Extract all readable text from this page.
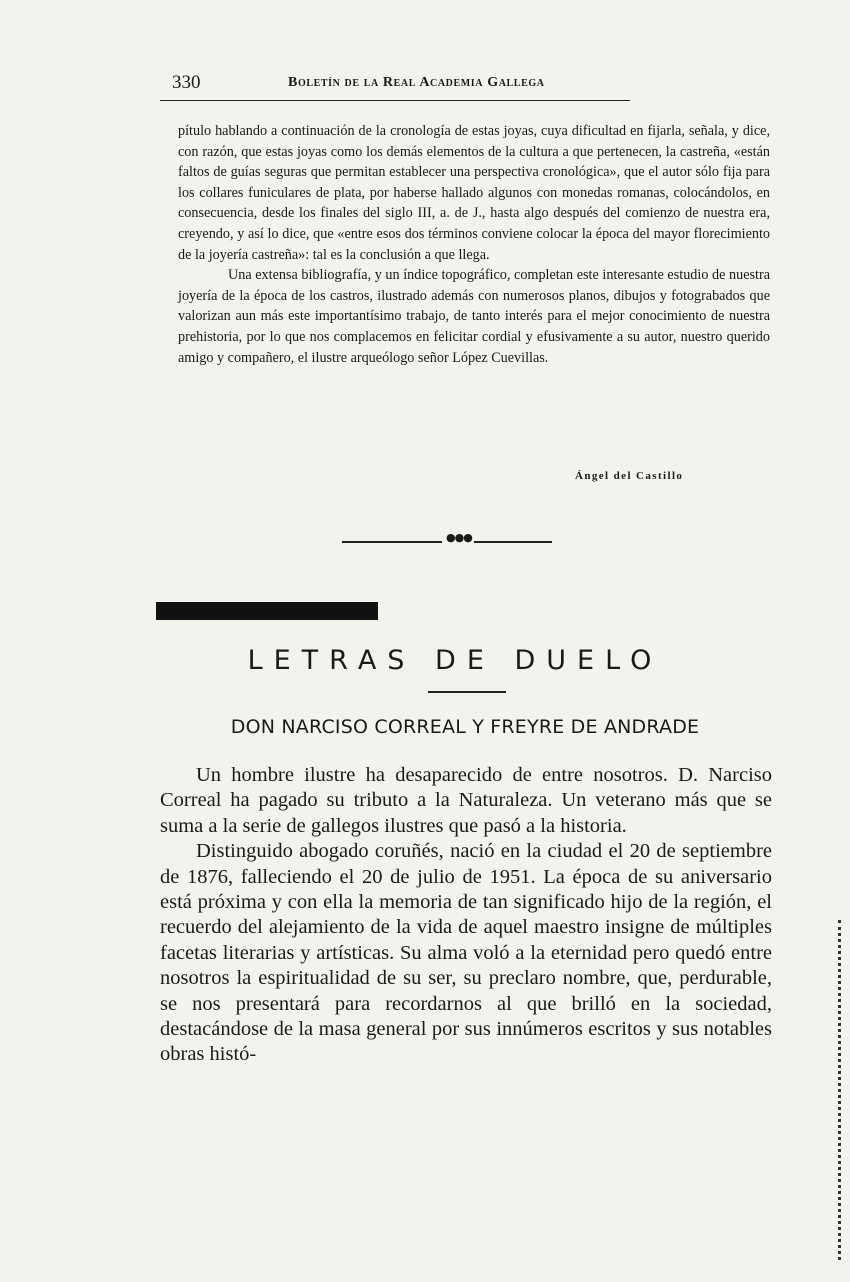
330	Boletín de la Real Academia Gallega

pítulo hablando a continuación de la cronología de estas joyas, cuya dificultad en fijarla, señala, y dice, con razón, que estas joyas como los demás elementos de la cultura a que pertenecen, la castreña, «están faltos de guías seguras que permitan establecer una perspectiva cronológica», que el autor sólo fija para los collares funiculares de plata, por haberse hallado algunos con monedas romanas, colocándolos, en consecuencia, desde los finales del siglo III, a. de J., hasta algo después del comienzo de nuestra era, creyendo, y así lo dice, que «entre esos dos términos conviene colocar la época del mayor florecimiento de la joyería castreña»: tal es la conclusión a que llega.

Una extensa bibliografía, y un índice topográfico, completan este interesante estudio de nuestra joyería de la época de los castros, ilustrado además con numerosos planos, dibujos y fotograbados que valorizan aun más este importantísimo trabajo, de tanto interés para el mejor conocimiento de nuestra prehistoria, por lo que nos complacemos en felicitar cordial y efusivamente a su autor, nuestro querido amigo y compañero, el ilustre arqueólogo señor López Cuevillas.

Ángel del Castillo
●●●
LETRAS DE DUELO
DON NARCISO CORREAL Y FREYRE DE ANDRADE

Un hombre ilustre ha desaparecido de entre nosotros. D. Narciso Correal ha pagado su tributo a la Naturaleza. Un veterano más que se suma a la serie de gallegos ilustres que pasó a la historia.

Distinguido abogado coruñés, nació en la ciudad el 20 de septiembre de 1876, falleciendo el 20 de julio de 1951. La época de su aniversario está próxima y con ella la memoria de tan significado hijo de la región, el recuerdo del alejamiento de la vida de aquel maestro insigne de múltiples facetas literarias y artísticas. Su alma voló a la eternidad pero quedó entre nosotros la espiritualidad de su ser, su preclaro nombre, que, perdurable, se nos presentará para recordarnos al que brilló en la sociedad, destacándose de la masa general por sus innúmeros escritos y sus notables obras histó-
